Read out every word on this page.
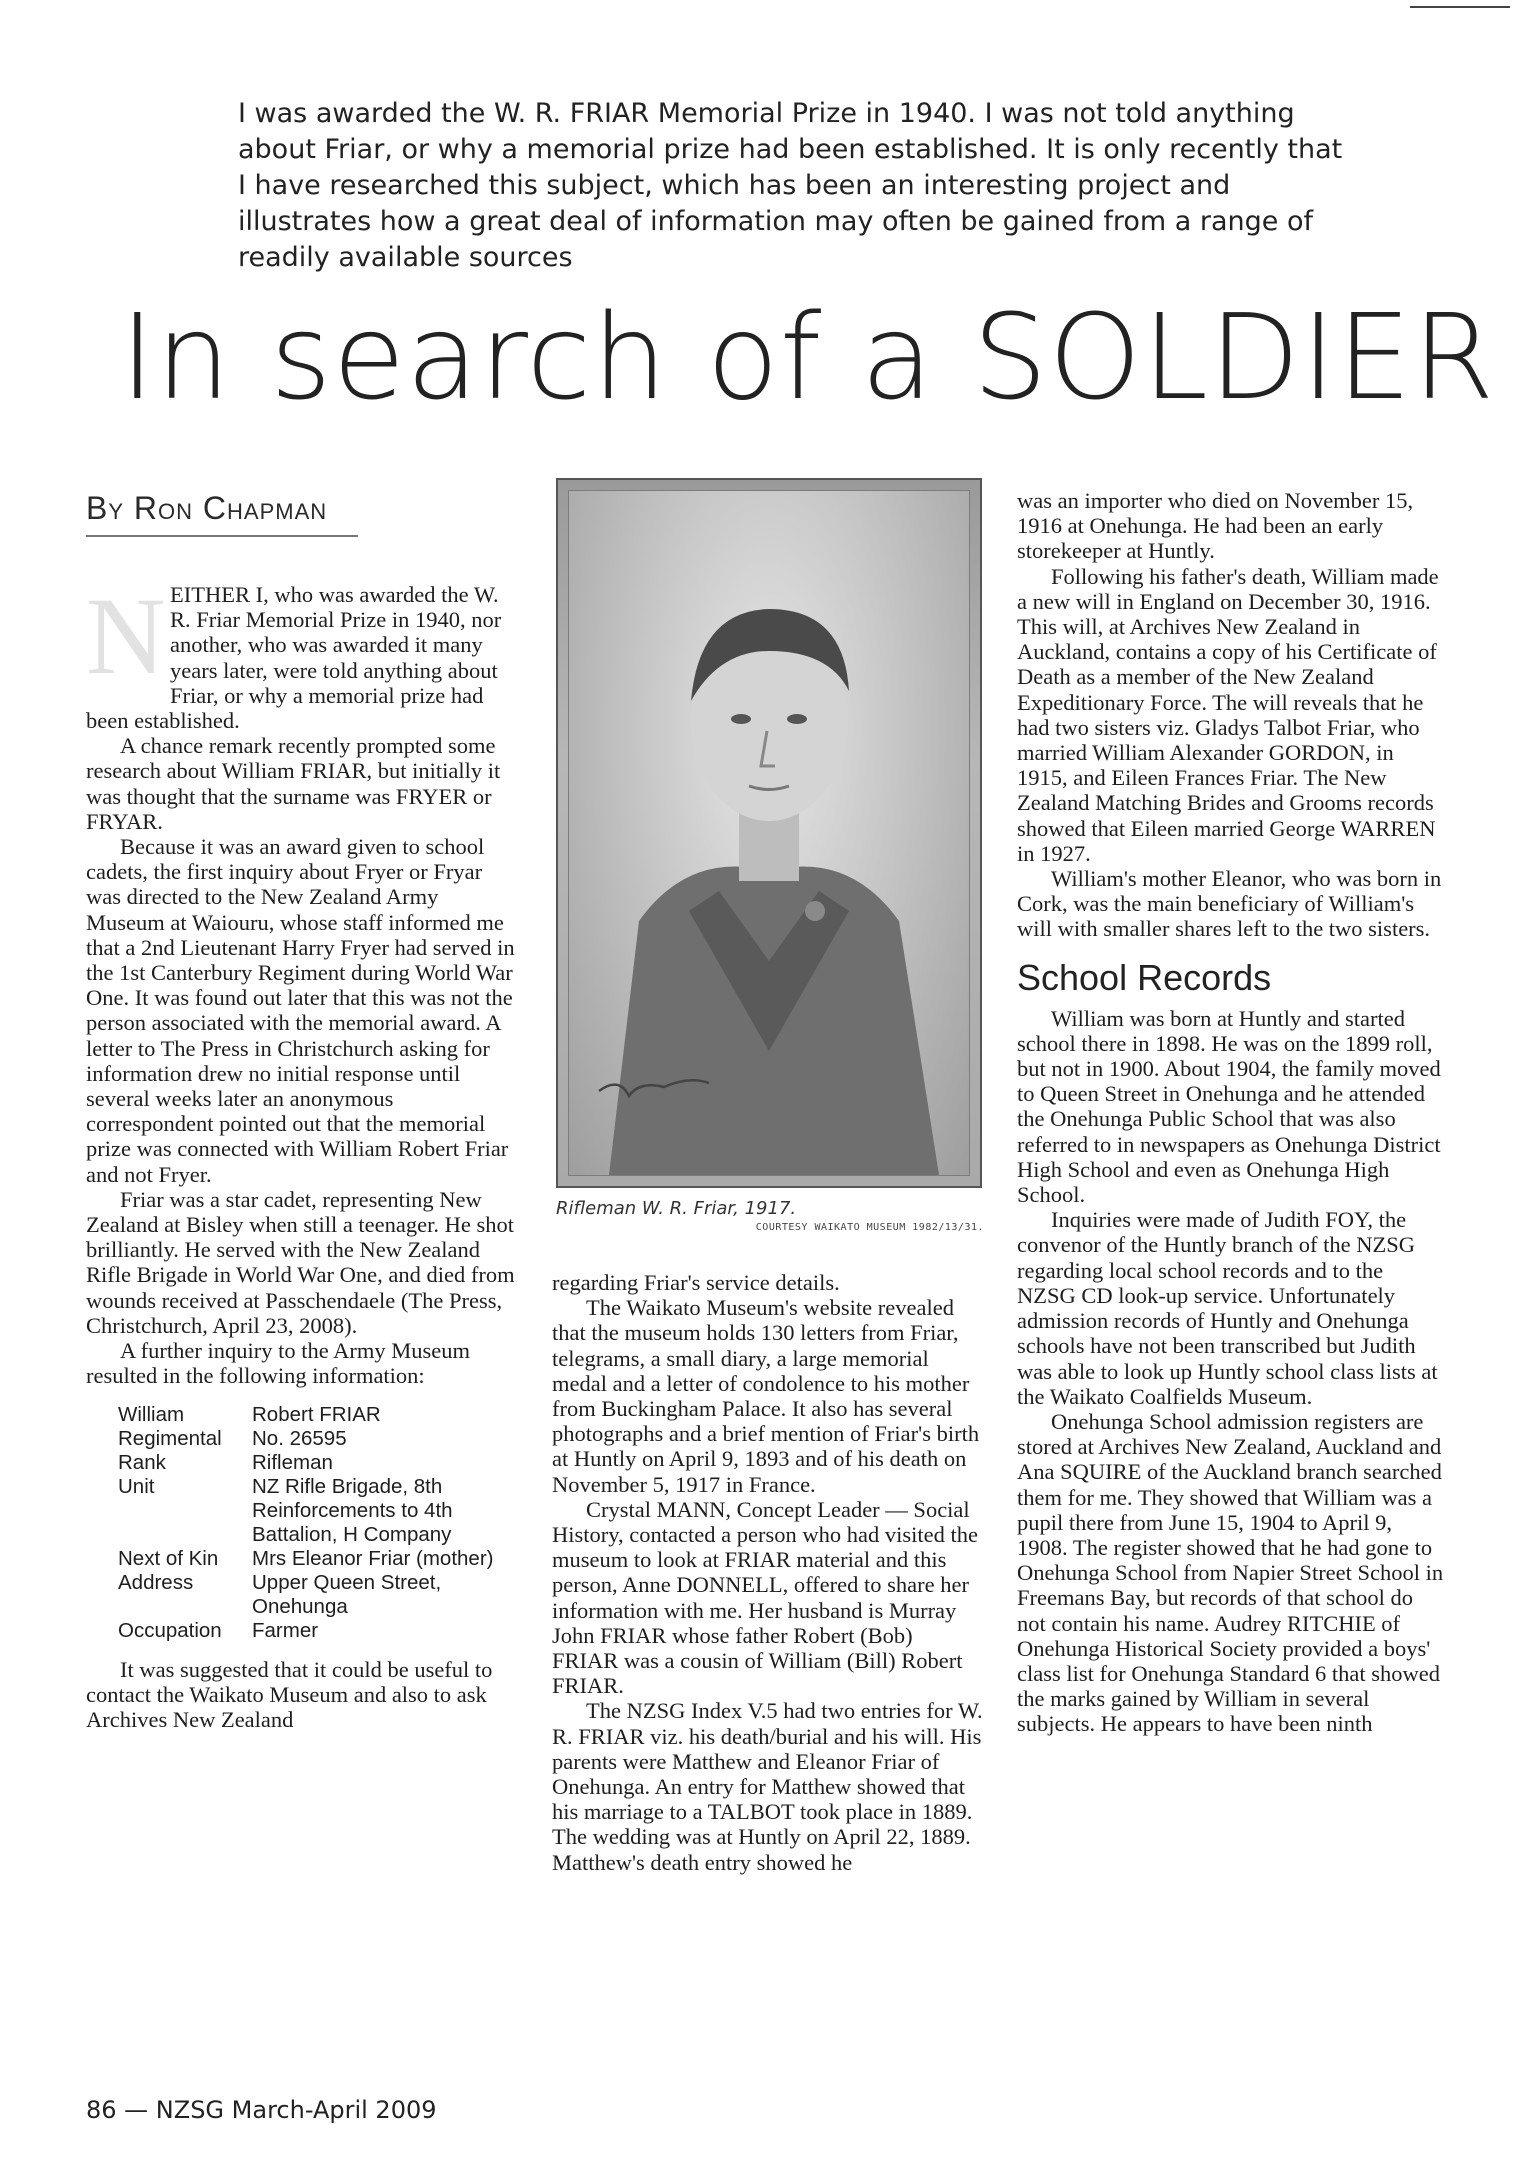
I was awarded the W. R. FRIAR Memorial Prize in 1940. I was not told anything about Friar, or why a memorial prize had been established. It is only recently that I have researched this subject, which has been an interesting project and illustrates how a great deal of information may often be gained from a range of readily available sources
In search of a SOLDIER
By Ron Chapman
N EITHER I, who was awarded the W. R. Friar Memorial Prize in 1940, nor another, who was awarded it many years later, were told anything about Friar, or why a memorial prize had been established.

A chance remark recently prompted some research about William FRIAR, but initially it was thought that the surname was FRYER or FRYAR.

Because it was an award given to school cadets, the first inquiry about Fryer or Fryar was directed to the New Zealand Army Museum at Waiouru, whose staff informed me that a 2nd Lieutenant Harry Fryer had served in the 1st Canterbury Regiment during World War One. It was found out later that this was not the person associated with the memorial award. A letter to The Press in Christchurch asking for information drew no initial response until several weeks later an anonymous correspondent pointed out that the memorial prize was connected with William Robert Friar and not Fryer.

Friar was a star cadet, representing New Zealand at Bisley when still a teenager. He shot brilliantly. He served with the New Zealand Rifle Brigade in World War One, and died from wounds received at Passchendaele (The Press, Christchurch, April 23, 2008).

A further inquiry to the Army Museum resulted in the following information:

William	Robert FRIAR
Regimental	No. 26595
Rank	Rifleman
Unit	NZ Rifle Brigade, 8th Reinforcements to 4th Battalion, H Company
Next of Kin	Mrs Eleanor Friar (mother)
Address	Upper Queen Street, Onehunga
Occupation	Farmer

It was suggested that it could be useful to contact the Waikato Museum and also to ask Archives New Zealand

Rifleman W. R. Friar, 1917.
COURTESY WAIKATO MUSEUM 1982/13/31.

regarding Friar's service details.

The Waikato Museum's website revealed that the museum holds 130 letters from Friar, telegrams, a small diary, a large memorial medal and a letter of condolence to his mother from Buckingham Palace. It also has several photographs and a brief mention of Friar's birth at Huntly on April 9, 1893 and of his death on November 5, 1917 in France.

Crystal MANN, Concept Leader — Social History, contacted a person who had visited the museum to look at FRIAR material and this person, Anne DONNELL, offered to share her information with me. Her husband is Murray John FRIAR whose father Robert (Bob) FRIAR was a cousin of William (Bill) Robert FRIAR.

The NZSG Index V.5 had two entries for W. R. FRIAR viz. his death/burial and his will. His parents were Matthew and Eleanor Friar of Onehunga. An entry for Matthew showed that his marriage to a TALBOT took place in 1889. The wedding was at Huntly on April 22, 1889. Matthew's death entry showed he

was an importer who died on November 15, 1916 at Onehunga. He had been an early storekeeper at Huntly.

Following his father's death, William made a new will in England on December 30, 1916. This will, at Archives New Zealand in Auckland, contains a copy of his Certificate of Death as a member of the New Zealand Expeditionary Force. The will reveals that he had two sisters viz. Gladys Talbot Friar, who married William Alexander GORDON, in 1915, and Eileen Frances Friar. The New Zealand Matching Brides and Grooms records showed that Eileen married George WARREN in 1927.

William's mother Eleanor, who was born in Cork, was the main beneficiary of William's will with smaller shares left to the two sisters.

School Records

William was born at Huntly and started school there in 1898. He was on the 1899 roll, but not in 1900. About 1904, the family moved to Queen Street in Onehunga and he attended the Onehunga Public School that was also referred to in newspapers as Onehunga District High School and even as Onehunga High School.

Inquiries were made of Judith FOY, the convenor of the Huntly branch of the NZSG regarding local school records and to the NZSG CD look-up service. Unfortunately admission records of Huntly and Onehunga schools have not been transcribed but Judith was able to look up Huntly school class lists at the Waikato Coalfields Museum.

Onehunga School admission registers are stored at Archives New Zealand, Auckland and Ana SQUIRE of the Auckland branch searched them for me. They showed that William was a pupil there from June 15, 1904 to April 9, 1908. The register showed that he had gone to Onehunga School from Napier Street School in Freemans Bay, but records of that school do not contain his name. Audrey RITCHIE of Onehunga Historical Society provided a boys' class list for Onehunga Standard 6 that showed the marks gained by William in several subjects. He appears to have been ninth

86 — NZSG March-April 2009
